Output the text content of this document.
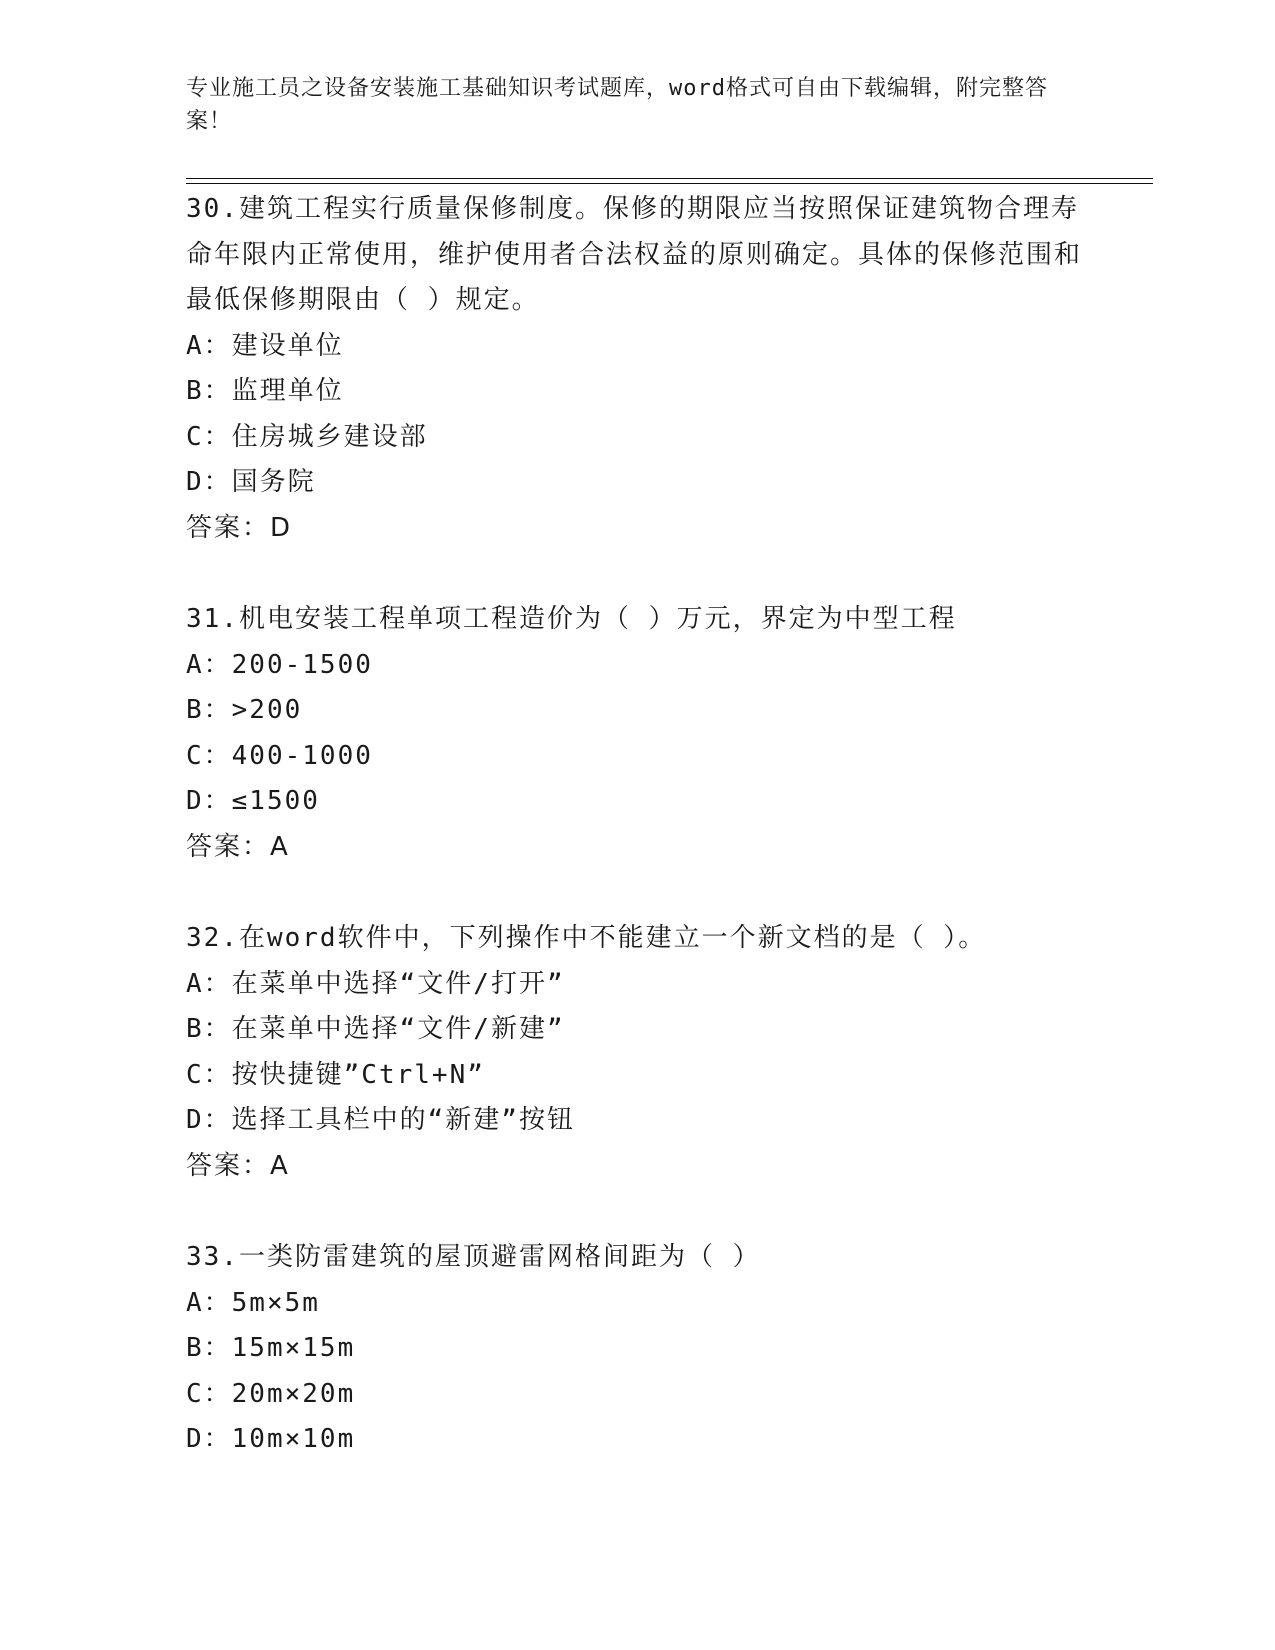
专业施工员之设备安装施工基础知识考试题库，word格式可自由下载编辑，附完整答案！

30.建筑工程实行质量保修制度。保修的期限应当按照保证建筑物合理寿命年限内正常使用，维护使用者合法权益的原则确定。具体的保修范围和最低保修期限由（ ）规定。

A：建设单位

B：监理单位

C：住房城乡建设部

D：国务院

答案：D

31.机电安装工程单项工程造价为（ ）万元，界定为中型工程

A：200-1500

B：>200

C：400-1000

D：≤1500

答案：A

32.在word软件中，下列操作中不能建立一个新文档的是（ ）。

A：在菜单中选择“文件/打开”

B：在菜单中选择“文件/新建”

C：按快捷键”Ctrl+N”

D：选择工具栏中的“新建”按钮

答案：A

33.一类防雷建筑的屋顶避雷网格间距为（ ）

A：5m×5m

B：15m×15m

C：20m×20m

D：10m×10m
